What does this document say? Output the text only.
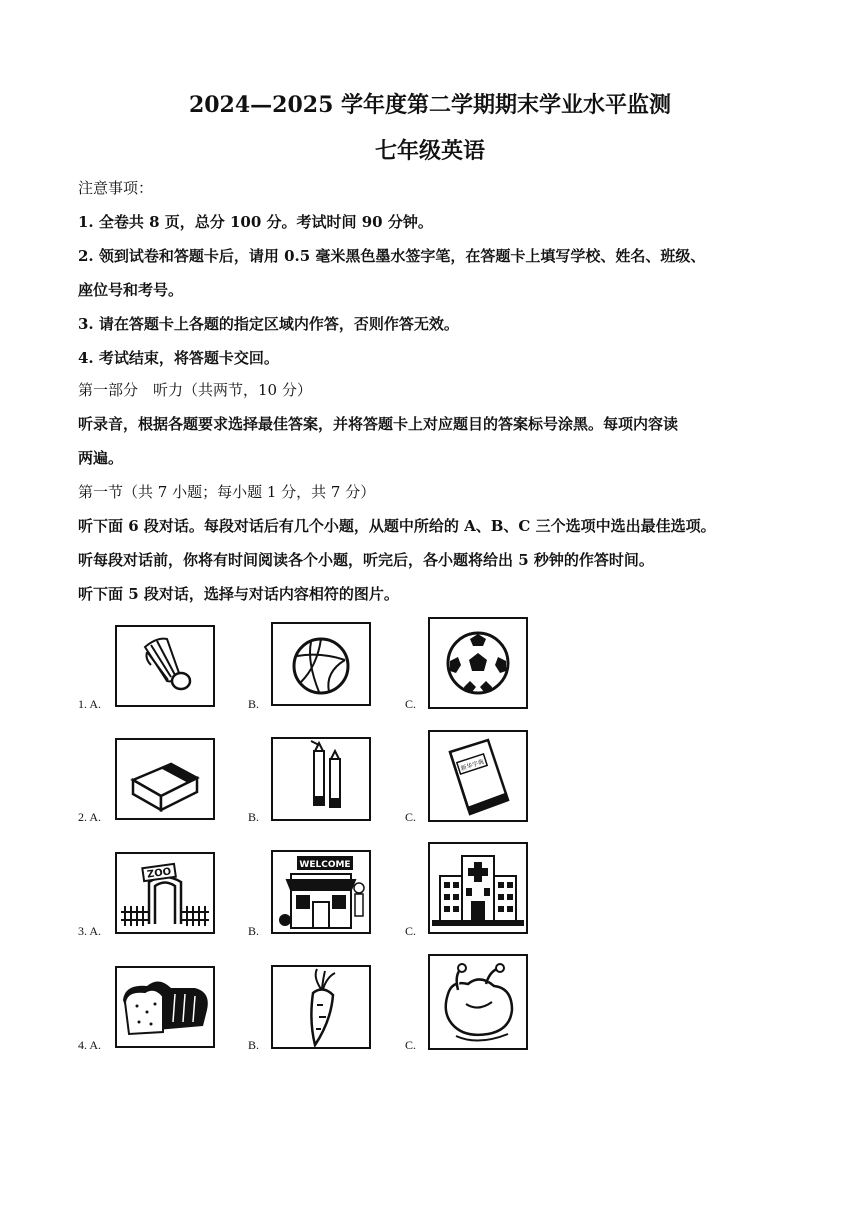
2024—2025 学年度第二学期期末学业水平监测
七年级英语
注意事项：
1. 全卷共 8 页，总分 100 分。考试时间 90 分钟。
2. 领到试卷和答题卡后，请用 0.5 毫米黑色墨水签字笔，在答题卡上填写学校、姓名、班级、
座位号和考号。
3. 请在答题卡上各题的指定区域内作答，否则作答无效。
4. 考试结束，将答题卡交回。
第一部分　听力（共两节，10 分）
听录音，根据各题要求选择最佳答案，并将答题卡上对应题目的答案标号涂黑。每项内容读
两遍。
第一节（共 7 小题；每小题 1 分，共 7 分）
听下面 6 段对话。每段对话后有几个小题，从题中所给的 A、B、C 三个选项中选出最佳选项。
听每段对话前，你将有时间阅读各个小题，听完后，各小题将给出 5 秒钟的作答时间。
听下面 5 段对话，选择与对话内容相符的图片。
1. A.	B.	C.
2. A.	B.	C.
新华字典
3. A.	B.	C.
ZOO
WELCOME
4. A.	B.	C.
